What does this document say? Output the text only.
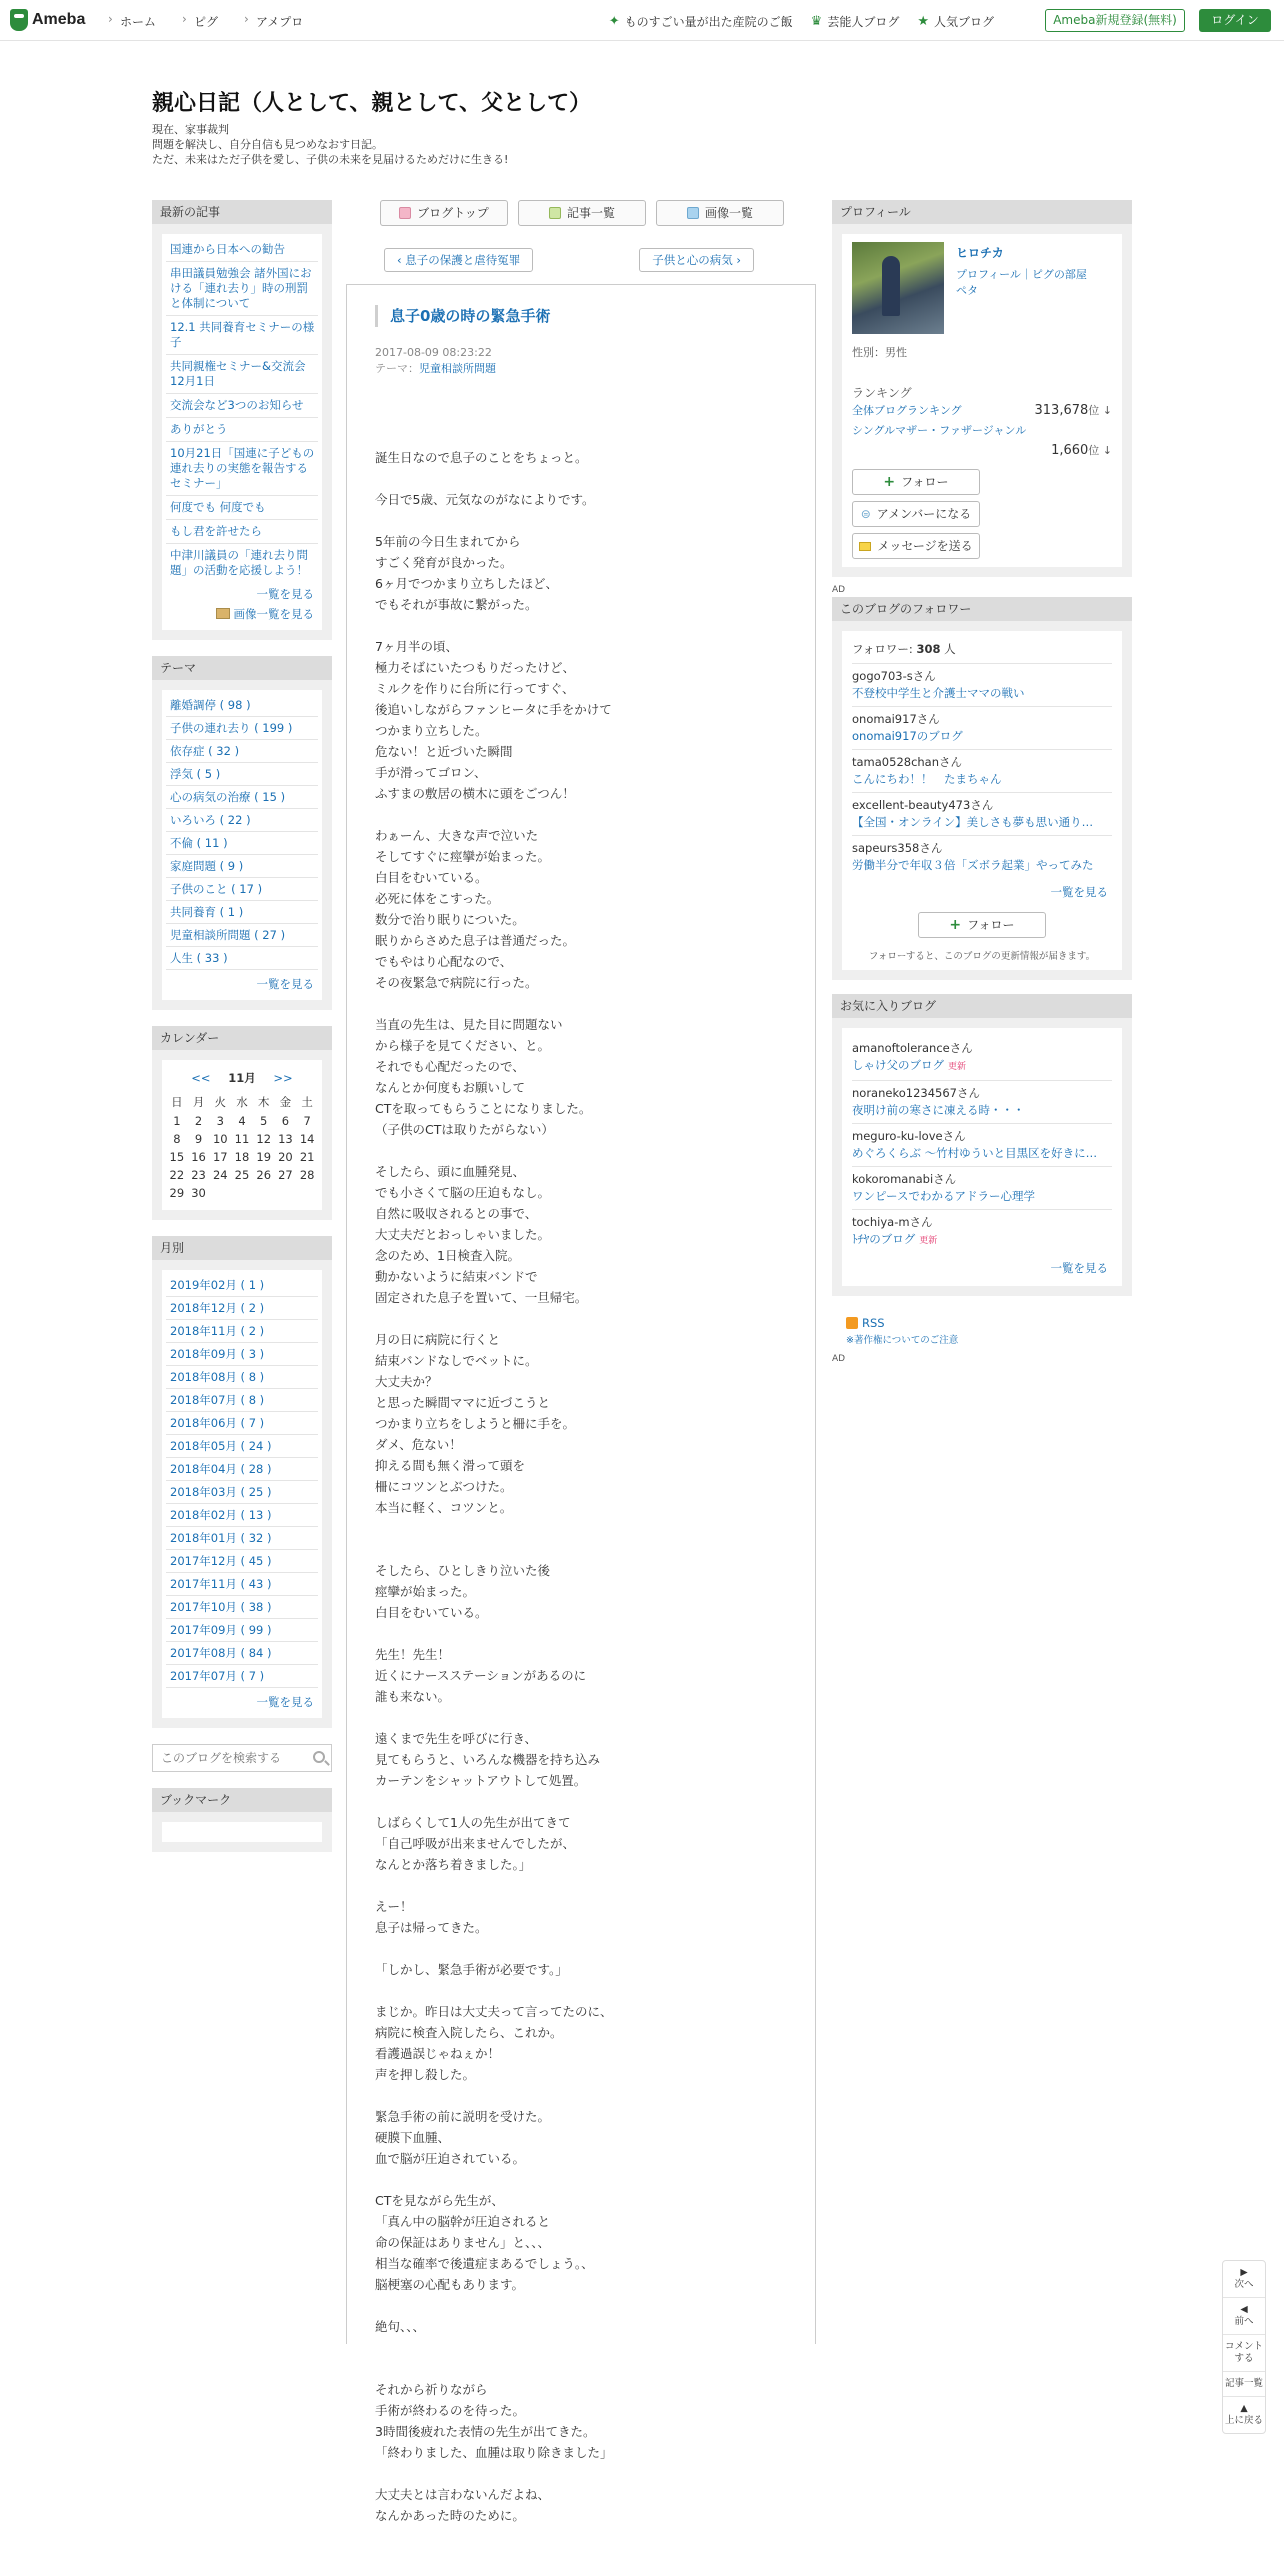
Ameba	› ホーム	› ピグ	› アメプロ	✦ ものすごい量が出た産院のご飯 ♛ 芸能人ブログ ★ 人気ブログ	Ameba新規登録(無料)	ログイン
親心日記（人として、親として、父として）
現在、家事裁判
問題を解決し、自分自信も見つめなおす日記。
ただ、未来はただ子供を愛し、子供の未来を見届けるためだけに生きる!
最新の記事
国連から日本への勧告
串田議員勉強会 諸外国における「連れ去り」時の刑罰と体制について
12.1 共同養育セミナーの様子
共同親権セミナー&交流会12月1日
交流会など3つのお知らせ
ありがとう
10月21日「国連に子どもの連れ去りの実態を報告するセミナー」
何度でも 何度でも
もし君を許せたら
中津川議員の「連れ去り問題」の活動を応援しよう！
一覧を見る
画像一覧を見る
テーマ
離婚調停 ( 98 )
子供の連れ去り ( 199 )
依存症 ( 32 )
浮気 ( 5 )
心の病気の治療 ( 15 )
いろいろ ( 22 )
不倫 ( 11 )
家庭問題 ( 9 )
子供のこと ( 17 )
共同養育 ( 1 )
児童相談所問題 ( 27 )
人生 ( 33 )
一覧を見る
カレンダー
<< 11月 >>
日 月 火 水 木 金 土
1	2	3	4	5	6	7
8	9 10 11 12 13 14
15 16 17 18 19 20 21
22 23 24 25 26 27 28
29 30
月別
2019年02月 ( 1 )
2018年12月 ( 2 )
2018年11月 ( 2 )
2018年09月 ( 3 )
2018年08月 ( 8 )
2018年07月 ( 8 )
2018年06月 ( 7 )
2018年05月 ( 24 )
2018年04月 ( 28 )
2018年03月 ( 25 )
2018年02月 ( 13 )
2018年01月 ( 32 )
2017年12月 ( 45 )
2017年11月 ( 43 )
2017年10月 ( 38 )
2017年09月 ( 99 )
2017年08月 ( 84 )
2017年07月 ( 7 )
一覧を見る
このブログを検索する
ブックマーク
ブログトップ	記事一覧	画像一覧
‹ 息子の保護と虐待冤罪	子供と心の病気 ›
息子0歳の時の緊急手術
2017-08-09 08:23:22
テーマ：児童相談所問題
誕生日なので息子のことをちょっと。

今日で5歳、元気なのがなによりです。

5年前の今日生まれてから
すごく発育が良かった。
6ヶ月でつかまり立ちしたほど、
でもそれが事故に繋がった。

7ヶ月半の頃、
極力そばにいたつもりだったけど、
ミルクを作りに台所に行ってすぐ、
後追いしながらファンヒータに手をかけて
つかまり立ちした。
危ない！と近づいた瞬間
手が滑ってゴロン、
ふすまの敷居の横木に頭をごつん！

わぁーん、大きな声で泣いた
そしてすぐに痙攣が始まった。
白目をむいている。
必死に体をこすった。
数分で治り眠りについた。
眠りからさめた息子は普通だった。
でもやはり心配なので、
その夜緊急で病院に行った。

当直の先生は、見た目に問題ない
から様子を見てください、と。
それでも心配だったので、
なんとか何度もお願いして
CTを取ってもらうことになりました。
（子供のCTは取りたがらない）

そしたら、頭に血腫発見、
でも小さくて脳の圧迫もなし。
自然に吸収されるとの事で、
大丈夫だとおっしゃいました。
念のため、1日検査入院。
動かないように結束バンドで
固定された息子を置いて、一旦帰宅。

月の日に病院に行くと
結束バンドなしでベットに。
大丈夫か？
と思った瞬間ママに近づこうと
つかまり立ちをしようと柵に手を。
ダメ、危ない！
抑える間も無く滑って頭を
柵にコツンとぶつけた。
本当に軽く、コツンと。

そしたら、ひとしきり泣いた後
痙攣が始まった。
白目をむいている。

先生！先生！
近くにナースステーションがあるのに
誰も来ない。

遠くまで先生を呼びに行き、
見てもらうと、いろんな機器を持ち込み
カーテンをシャットアウトして処置。

しばらくして1人の先生が出てきて
「自己呼吸が出来ませんでしたが、
なんとか落ち着きました。」

えー！
息子は帰ってきた。

「しかし、緊急手術が必要です。」

まじか。昨日は大丈夫って言ってたのに、
病院に検査入院したら、これか。
看護過誤じゃねぇか！
声を押し殺した。

緊急手術の前に説明を受けた。
硬膜下血腫、
血で脳が圧迫されている。

CTを見ながら先生が、
「真ん中の脳幹が圧迫されると
命の保証はありません」と、、、
相当な確率で後遺症まあるでしょう。、
脳梗塞の心配もあります。

絶句、、、

それから祈りながら
手術が終わるのを待った。
3時間後疲れた表情の先生が出てきた。
「終わりました、血腫は取り除きました」

大丈夫とは言わないんだよね、
なんかあった時のために。
プロフィール
ヒロチカ
プロフィール｜ピグの部屋
ペタ
性別：男性
ランキング
全体ブログランキング	313,678位 ↓
シングルマザー・ファザージャンル
1,660位 ↓
+ フォロー
⊜ アメンバーになる
メッセージを送る
AD
このブログのフォロワー
フォロワー: 308 人
gogo703-sさん
不登校中学生と介護士ママの戦い
onomai917さん
onomai917のブログ
tama0528chanさん
こんにちわ！！　たまちゃん
excellent-beauty473さん
【全国・オンライン】美しさも夢も思い通り…
sapeurs358さん
労働半分で年収３倍「ズボラ起業」やってみた
一覧を見る
+ フォロー
フォローすると、このブログの更新情報が届きます。
お気に入りブログ
amanoftoleranceさん
しゃけ父のブログ 更新
noraneko1234567さん
夜明け前の寒さに凍える時・・・
meguro-ku-loveさん
めぐろくらぶ ～竹村ゆういと目黒区を好きに…
kokoromanabiさん
ワンピースでわかるアドラー心理学
tochiya-mさん
ﾄﾁﾔのブログ 更新
一覧を見る
RSS
※著作権についてのご注意
AD
▶
次へ
◀
前へ
コメントする
記事一覧
▲
上に戻る
